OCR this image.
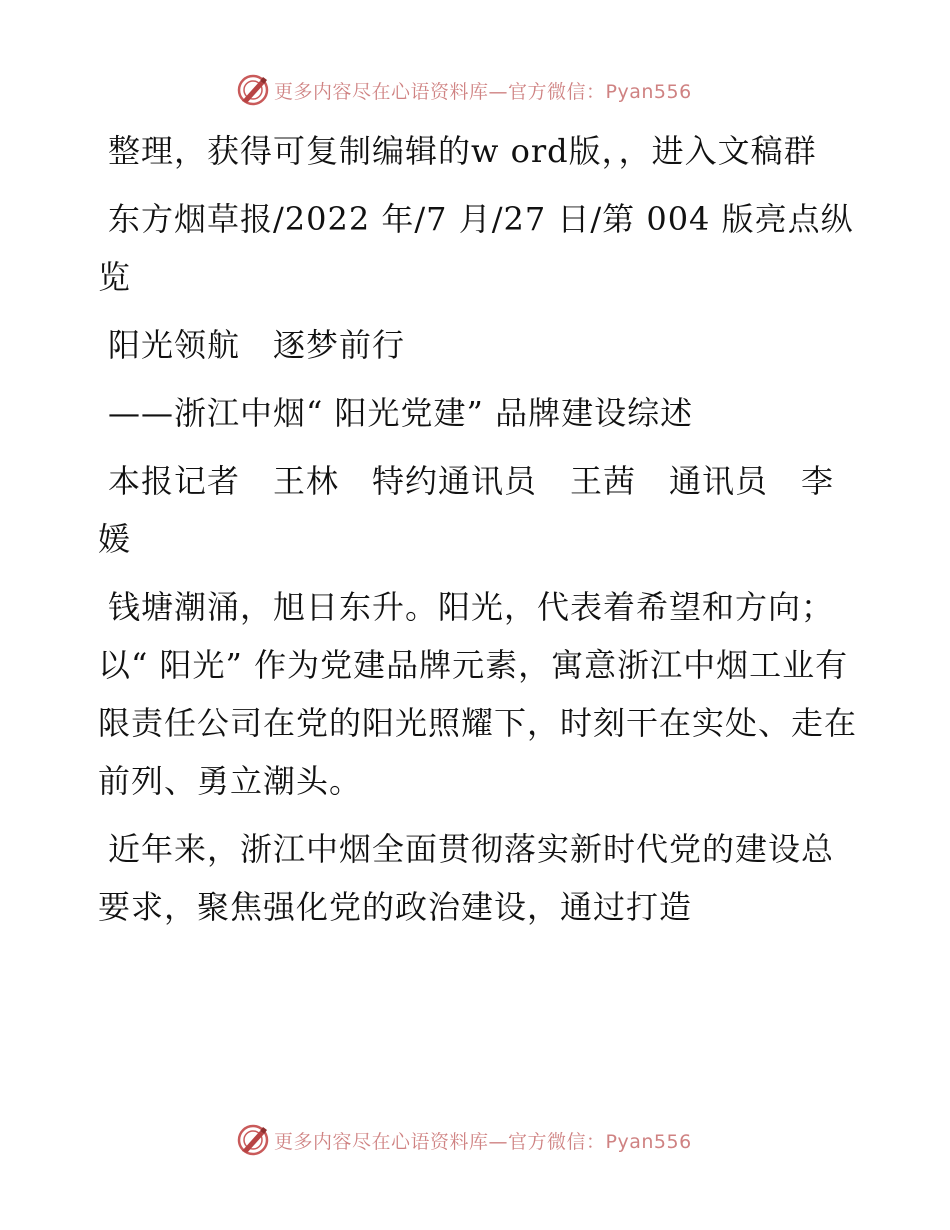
更多内容尽在心语资料库—官方微信：Pyan556

整理，获得可复制编辑的w ord版，，进入文稿群

东方烟草报/2022 年/7 月/27 日/第 004 版亮点纵览

阳光领航　逐梦前行

——浙江中烟“ 阳光党建” 品牌建设综述

本报记者　王林　特约通讯员　王茜　通讯员　李媛

钱塘潮涌，旭日东升。阳光，代表着希望和方向；以“ 阳光” 作为党建品牌元素，寓意浙江中烟工业有限责任公司在党的阳光照耀下，时刻干在实处、走在前列、勇立潮头。

近年来，浙江中烟全面贯彻落实新时代党的建设总要求，聚焦强化党的政治建设，通过打造

更多内容尽在心语资料库—官方微信：Pyan556
